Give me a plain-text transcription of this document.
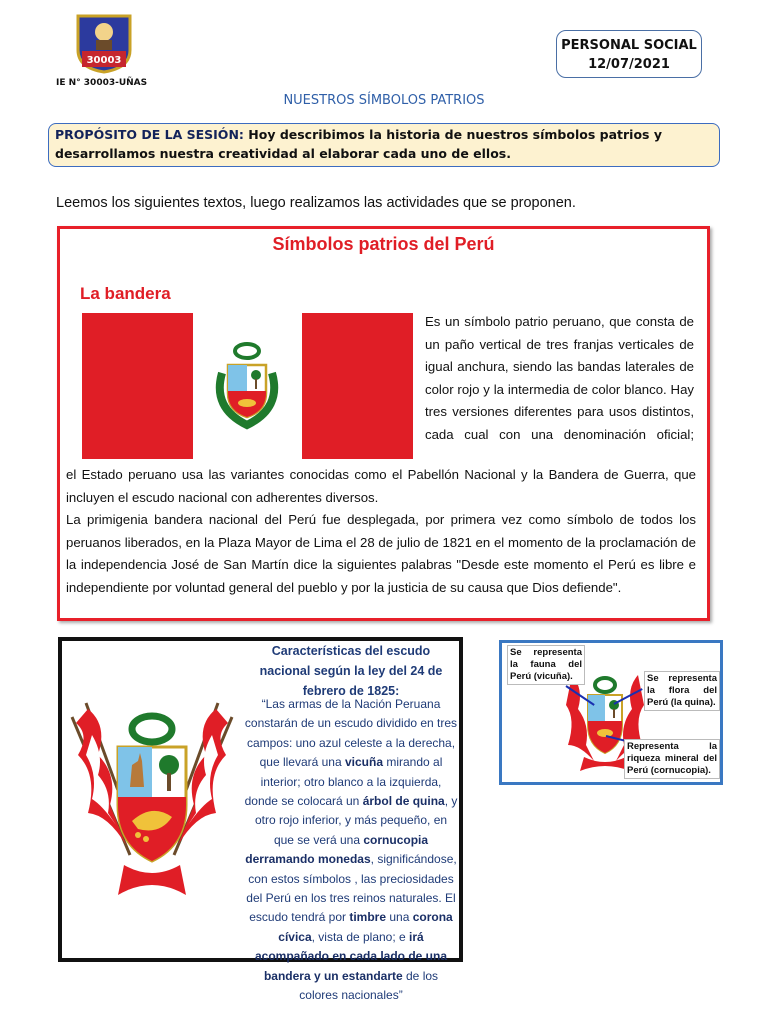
30003
IE N° 30003-UÑAS
PERSONAL SOCIAL
12/07/2021
NUESTROS SÍMBOLOS PATRIOS
PROPÓSITO DE LA SESIÓN: Hoy describimos la historia de nuestros símbolos patrios y desarrollamos nuestra creatividad al elaborar cada uno de ellos.
Leemos los siguientes textos, luego realizamos las actividades que se proponen.
Símbolos patrios del Perú
La bandera
Es un símbolo patrio peruano, que consta de un paño vertical de tres franjas verticales de igual anchura, siendo las bandas laterales de color rojo y la intermedia de color blanco. Hay tres versiones diferentes para usos distintos, cada cual con una denominación oficial;

el Estado peruano usa las variantes conocidas como el Pabellón Nacional y la Bandera de Guerra, que incluyen el escudo nacional con adherentes diversos.

La primigenia bandera nacional del Perú fue desplegada, por primera vez como símbolo de todos los peruanos liberados, en la Plaza Mayor de Lima el 28 de julio de 1821 en el momento de la proclamación de la independencia José de San Martín dice la siguientes palabras "Desde este momento el Perú es libre e independiente por voluntad general del pueblo y por la justicia de su causa que Dios defiende".

Características del escudo nacional según la ley del 24 de febrero de 1825:
“Las armas de la Nación Peruana constarán de un escudo dividido en tres campos: uno azul celeste a la derecha, que llevará una vicuña mirando al interior; otro blanco a la izquierda, donde se colocará un árbol de quina, y otro rojo inferior, y más pequeño, en que se verá una cornucopia derramando monedas, significándose, con estos símbolos , las preciosidades del Perú en los tres reinos naturales. El escudo tendrá por timbre una corona cívica, vista de plano; e irá acompañado en cada lado de una bandera y un estandarte de los colores nacionales”
Se representa la fauna del Perú (vicuña).	Se representa la flora del Perú (la quina).
Representa la riqueza mineral del Perú (cornucopia).
